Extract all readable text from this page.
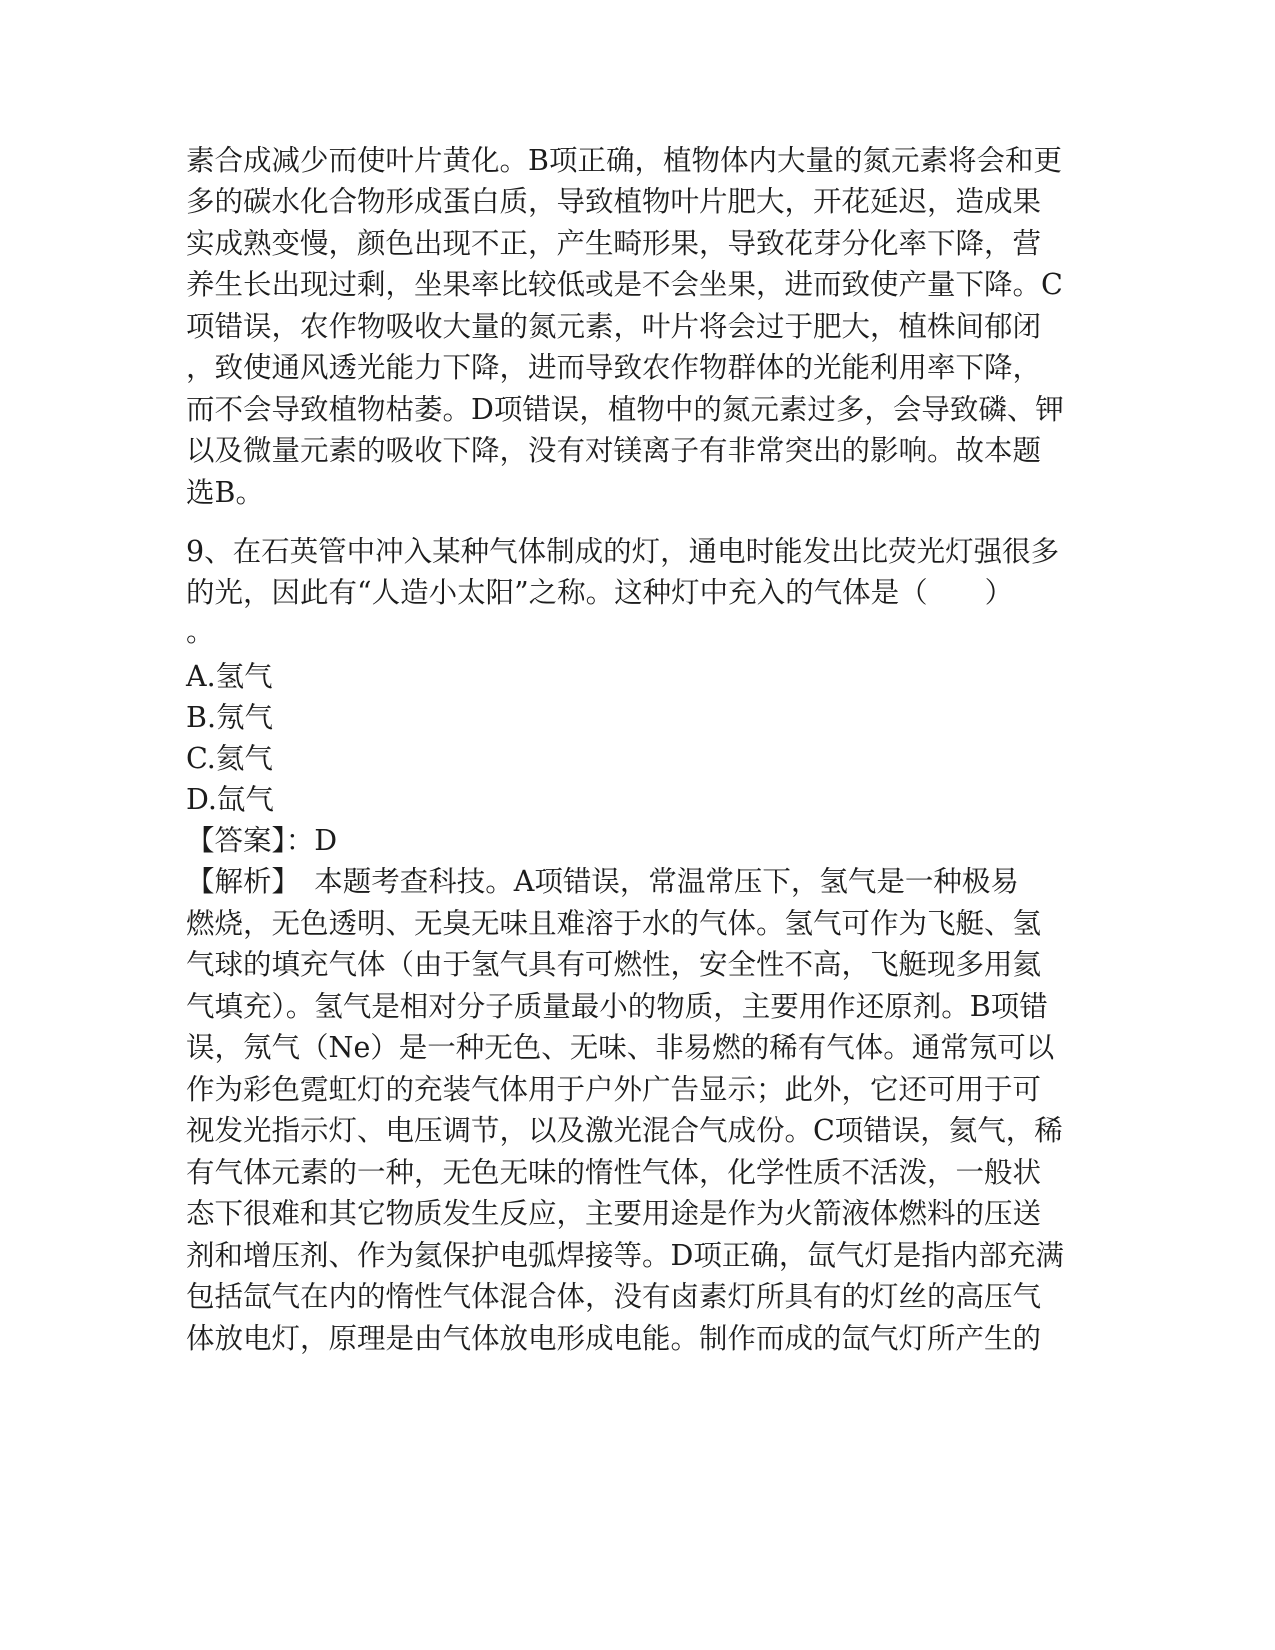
素合成减少而使叶片黄化。B项正确，植物体内大量的氮元素将会和更

多的碳水化合物形成蛋白质，导致植物叶片肥大，开花延迟，造成果

实成熟变慢，颜色出现不正，产生畸形果，导致花芽分化率下降，营

养生长出现过剩，坐果率比较低或是不会坐果，进而致使产量下降。C

项错误，农作物吸收大量的氮元素，叶片将会过于肥大，植株间郁闭

，致使通风透光能力下降，进而导致农作物群体的光能利用率下降，

而不会导致植物枯萎。D项错误，植物中的氮元素过多，会导致磷、钾

以及微量元素的吸收下降，没有对镁离子有非常突出的影响。故本题

选B。

9、在石英管中冲入某种气体制成的灯，通电时能发出比荧光灯强很多

的光，因此有“人造小太阳”之称。这种灯中充入的气体是（　　）

。

A.氢气

B.氖气

C.氦气

D.氙气

【答案】：D

【解析】　本题考查科技。A项错误，常温常压下，氢气是一种极易

燃烧，无色透明、无臭无味且难溶于水的气体。氢气可作为飞艇、氢

气球的填充气体（由于氢气具有可燃性，安全性不高，飞艇现多用氦

气填充）。氢气是相对分子质量最小的物质，主要用作还原剂。B项错

误，氖气（Ne）是一种无色、无味、非易燃的稀有气体。通常氖可以

作为彩色霓虹灯的充装气体用于户外广告显示；此外，它还可用于可

视发光指示灯、电压调节，以及激光混合气成份。C项错误，氦气，稀

有气体元素的一种，无色无味的惰性气体，化学性质不活泼，一般状

态下很难和其它物质发生反应，主要用途是作为火箭液体燃料的压送

剂和增压剂、作为氦保护电弧焊接等。D项正确，氙气灯是指内部充满

包括氙气在内的惰性气体混合体，没有卤素灯所具有的灯丝的高压气

体放电灯，原理是由气体放电形成电能。制作而成的氙气灯所产生的
